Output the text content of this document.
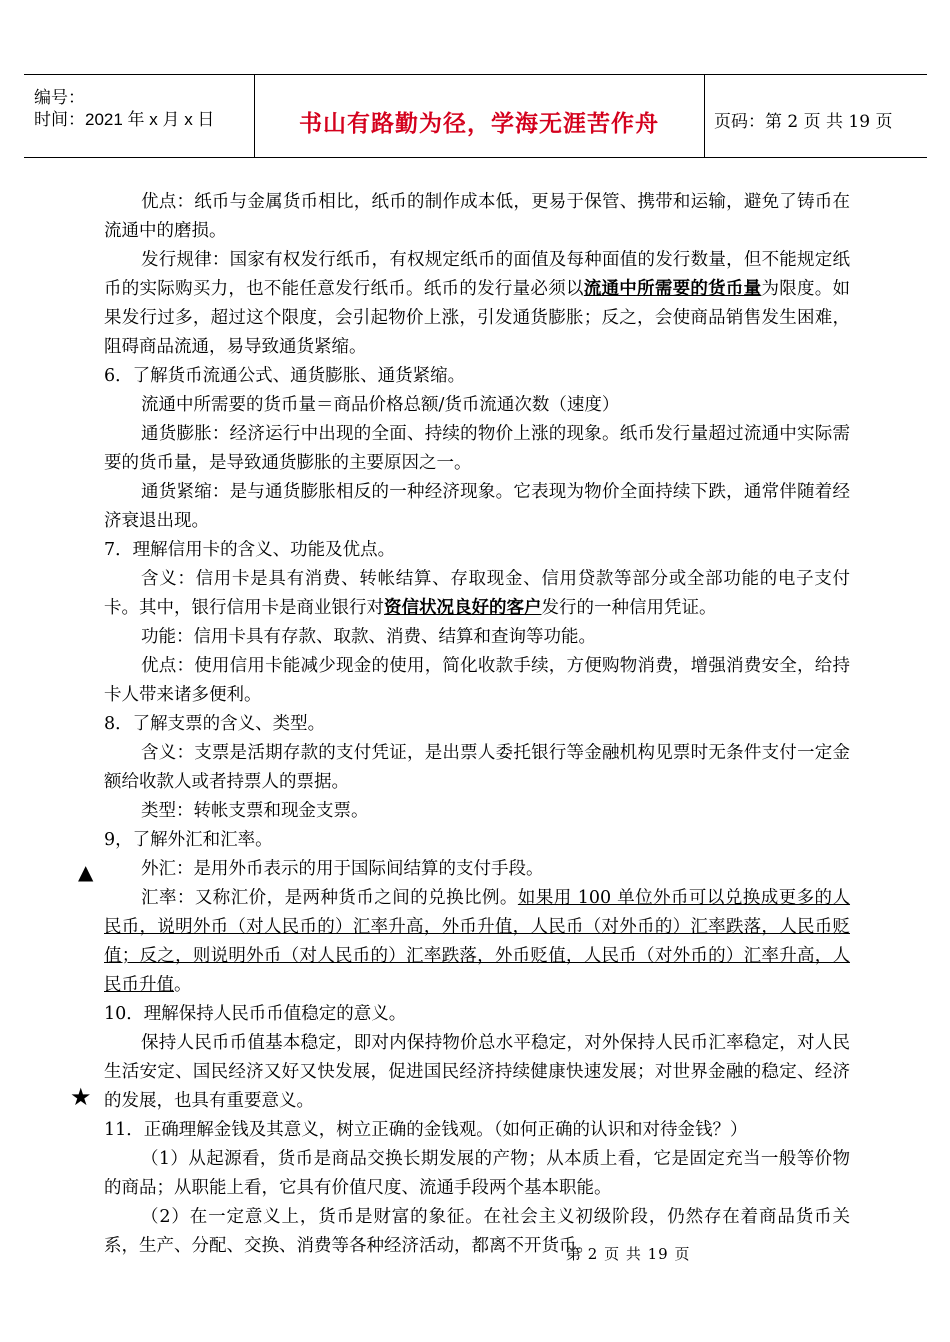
编号：
时间：2021 年 x 月 x 日	书山有路勤为径，学海无涯苦作舟	页码：第 2 页 共 19 页
▲
★

优点：纸币与金属货币相比，纸币的制作成本低，更易于保管、携带和运输，避免了铸币在流通中的磨损。

发行规律：国家有权发行纸币，有权规定纸币的面值及每种面值的发行数量，但不能规定纸币的实际购买力，也不能任意发行纸币。纸币的发行量必须以流通中所需要的货币量为限度。如果发行过多，超过这个限度，会引起物价上涨，引发通货膨胀；反之，会使商品销售发生困难，阻碍商品流通，易导致通货紧缩。

6．了解货币流通公式、通货膨胀、通货紧缩。

流通中所需要的货币量＝商品价格总额/货币流通次数（速度）

通货膨胀：经济运行中出现的全面、持续的物价上涨的现象。纸币发行量超过流通中实际需要的货币量，是导致通货膨胀的主要原因之一。

通货紧缩：是与通货膨胀相反的一种经济现象。它表现为物价全面持续下跌，通常伴随着经济衰退出现。

7．理解信用卡的含义、功能及优点。

含义：信用卡是具有消费、转帐结算、存取现金、信用贷款等部分或全部功能的电子支付卡。其中，银行信用卡是商业银行对资信状况良好的客户发行的一种信用凭证。

功能：信用卡具有存款、取款、消费、结算和查询等功能。

优点：使用信用卡能减少现金的使用，简化收款手续，方便购物消费，增强消费安全，给持卡人带来诸多便利。

8．了解支票的含义、类型。

含义：支票是活期存款的支付凭证，是出票人委托银行等金融机构见票时无条件支付一定金额给收款人或者持票人的票据。

类型：转帐支票和现金支票。

9，了解外汇和汇率。

外汇：是用外币表示的用于国际间结算的支付手段。

汇率：又称汇价，是两种货币之间的兑换比例。如果用 100 单位外币可以兑换成更多的人民币，说明外币（对人民币的）汇率升高，外币升值，人民币（对外币的）汇率跌落，人民币贬值；反之，则说明外币（对人民币的）汇率跌落，外币贬值，人民币（对外币的）汇率升高，人民币升值。

10．理解保持人民币币值稳定的意义。

保持人民币币值基本稳定，即对内保持物价总水平稳定，对外保持人民币汇率稳定，对人民生活安定、国民经济又好又快发展，促进国民经济持续健康快速发展；对世界金融的稳定、经济的发展，也具有重要意义。

11．正确理解金钱及其意义，树立正确的金钱观。（如何正确的认识和对待金钱？）

（1）从起源看，货币是商品交换长期发展的产物；从本质上看，它是固定充当一般等价物的商品；从职能上看，它具有价值尺度、流通手段两个基本职能。

（2）在一定意义上，货币是财富的象征。在社会主义初级阶段，仍然存在着商品货币关系，生产、分配、交换、消费等各种经济活动，都离不开货币。

第 2 页 共 19 页
